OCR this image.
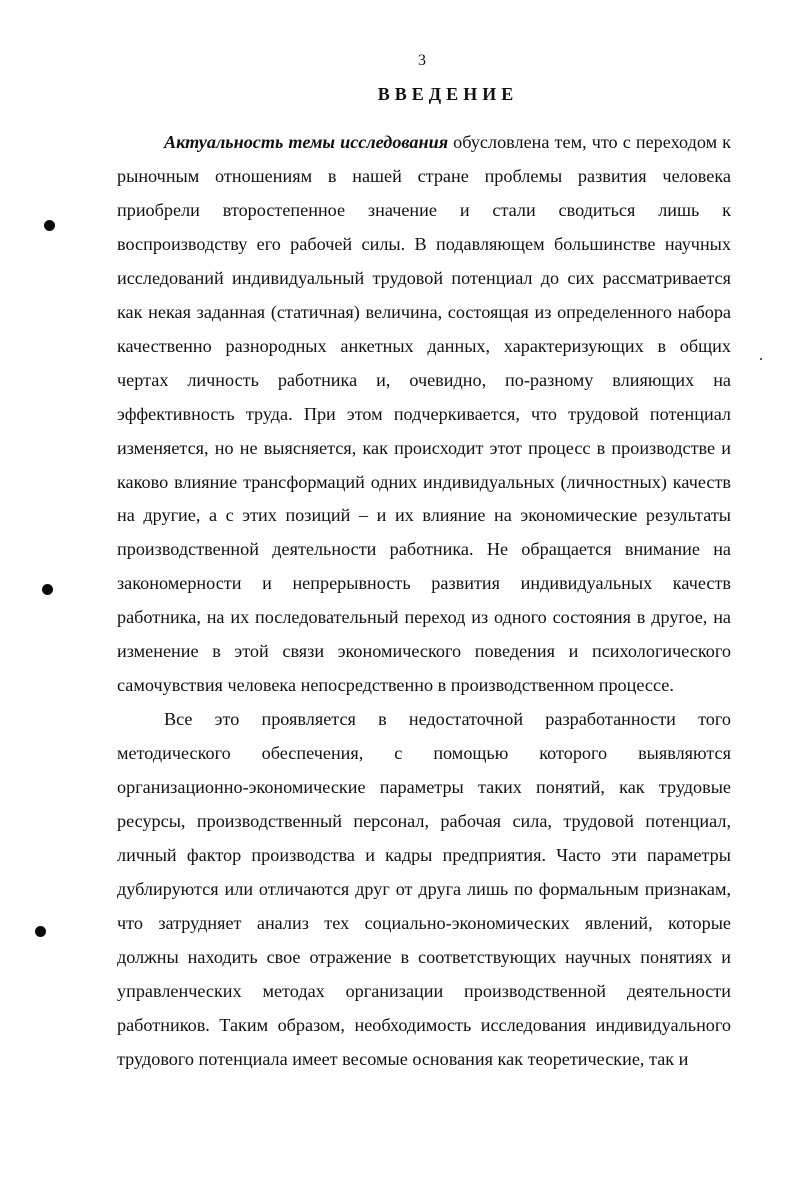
3
ВВЕДЕНИЕ

Актуальность темы исследования обусловлена тем, что с переходом к рыночным отношениям в нашей стране проблемы развития человека приобрели второстепенное значение и стали сводиться лишь к воспроизводству его рабочей силы. В подавляющем большинстве научных исследований индивидуальный трудовой потенциал до сих рассматривается как некая заданная (статичная) величина, состоящая из определенного набора качественно разнородных анкетных данных, характеризующих в общих чертах личность работника и, очевидно, по-разному влияющих на эффективность труда. При этом подчеркивается, что трудовой потенциал изменяется, но не выясняется, как происходит этот процесс в производстве и каково влияние трансформаций одних индивидуальных (личностных) качеств на другие, а с этих позиций – и их влияние на экономические результаты производственной деятельности работника. Не обращается внимание на закономерности и непрерывность развития индивидуальных качеств работника, на их последовательный переход из одного состояния в другое, на изменение в этой связи экономического поведения и психологического самочувствия человека непосредственно в производственном процессе.

Все это проявляется в недостаточной разработанности того методического обеспечения, с помощью которого выявляются организационно-экономические параметры таких понятий, как трудовые ресурсы, производственный персонал, рабочая сила, трудовой потенциал, личный фактор производства и кадры предприятия. Часто эти параметры дублируются или отличаются друг от друга лишь по формальным признакам, что затрудняет анализ тех социально-экономических явлений, которые должны находить свое отражение в соответствующих научных понятиях и управленческих методах организации производственной деятельности работников. Таким образом, необходимость исследования индивидуального трудового потенциала имеет весомые основания как теоретические, так и
